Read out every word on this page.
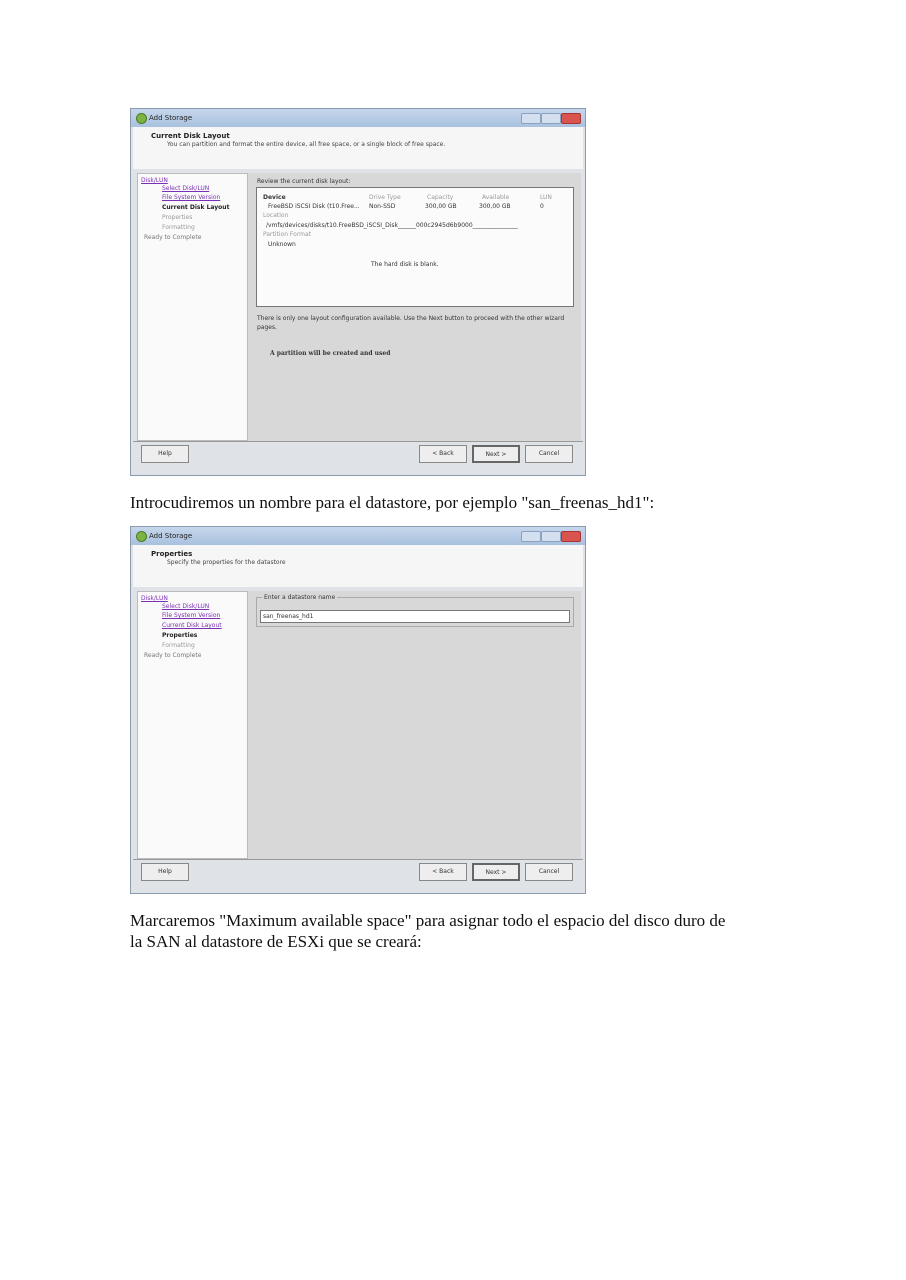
Add Storage
Current Disk Layout
You can partition and format the entire device, all free space, or a single block of free space.
Disk/LUN
Select Disk/LUN
File System Version
Current Disk Layout
Properties
Formatting
Ready to Complete
Review the current disk layout:
Device	Drive Type	Capacity	Available	LUN
FreeBSD iSCSI Disk (t10.Free... Non-SSD	300,00 GB	300,00 GB	0
Location
/vmfs/devices/disks/t10.FreeBSD_iSCSI_Disk______000c2945d6b9000_______________
Partition Format
Unknown
The hard disk is blank.
There is only one layout configuration available. Use the Next button to proceed with the other wizard pages.
A partition will be created and used
Help	< Back	Next >	Cancel

Introcudiremos un nombre para el datastore, por ejemplo "san_freenas_hd1":

Add Storage
Properties
Specify the properties for the datastore
Disk/LUN
Select Disk/LUN
File System Version
Current Disk Layout
Properties
Formatting
Ready to Complete
Enter a datastore name
san_freenas_hd1
Help	< Back	Next >	Cancel

Marcaremos "Maximum available space" para asignar todo el espacio del disco duro de

la SAN al datastore de ESXi que se creará:
